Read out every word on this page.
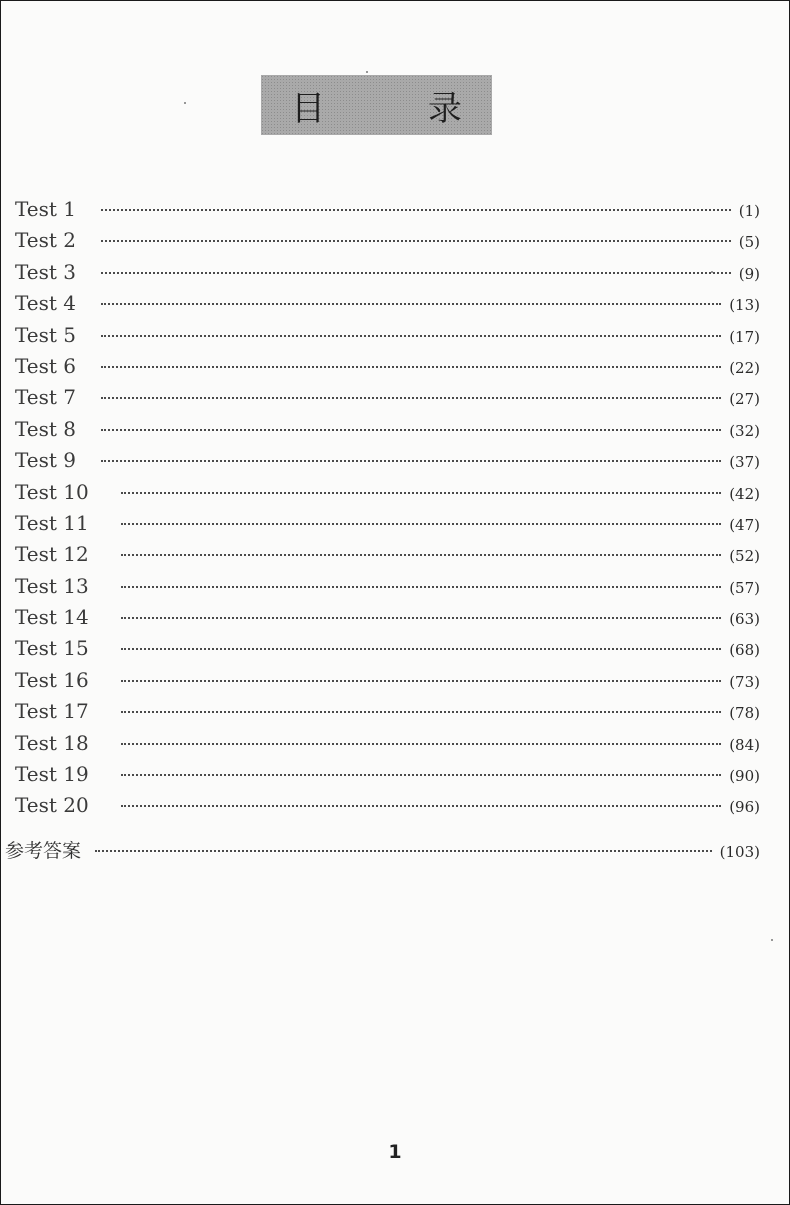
目 录
Test 1	(1)
Test 2	(5)
Test 3	(9)
Test 4	(13)
Test 5	(17)
Test 6	(22)
Test 7	(27)
Test 8	(32)
Test 9	(37)
Test 10	(42)
Test 11	(47)
Test 12	(52)
Test 13	(57)
Test 14	(63)
Test 15	(68)
Test 16	(73)
Test 17	(78)
Test 18	(84)
Test 19	(90)
Test 20	(96)
参考答案	(103)
1
